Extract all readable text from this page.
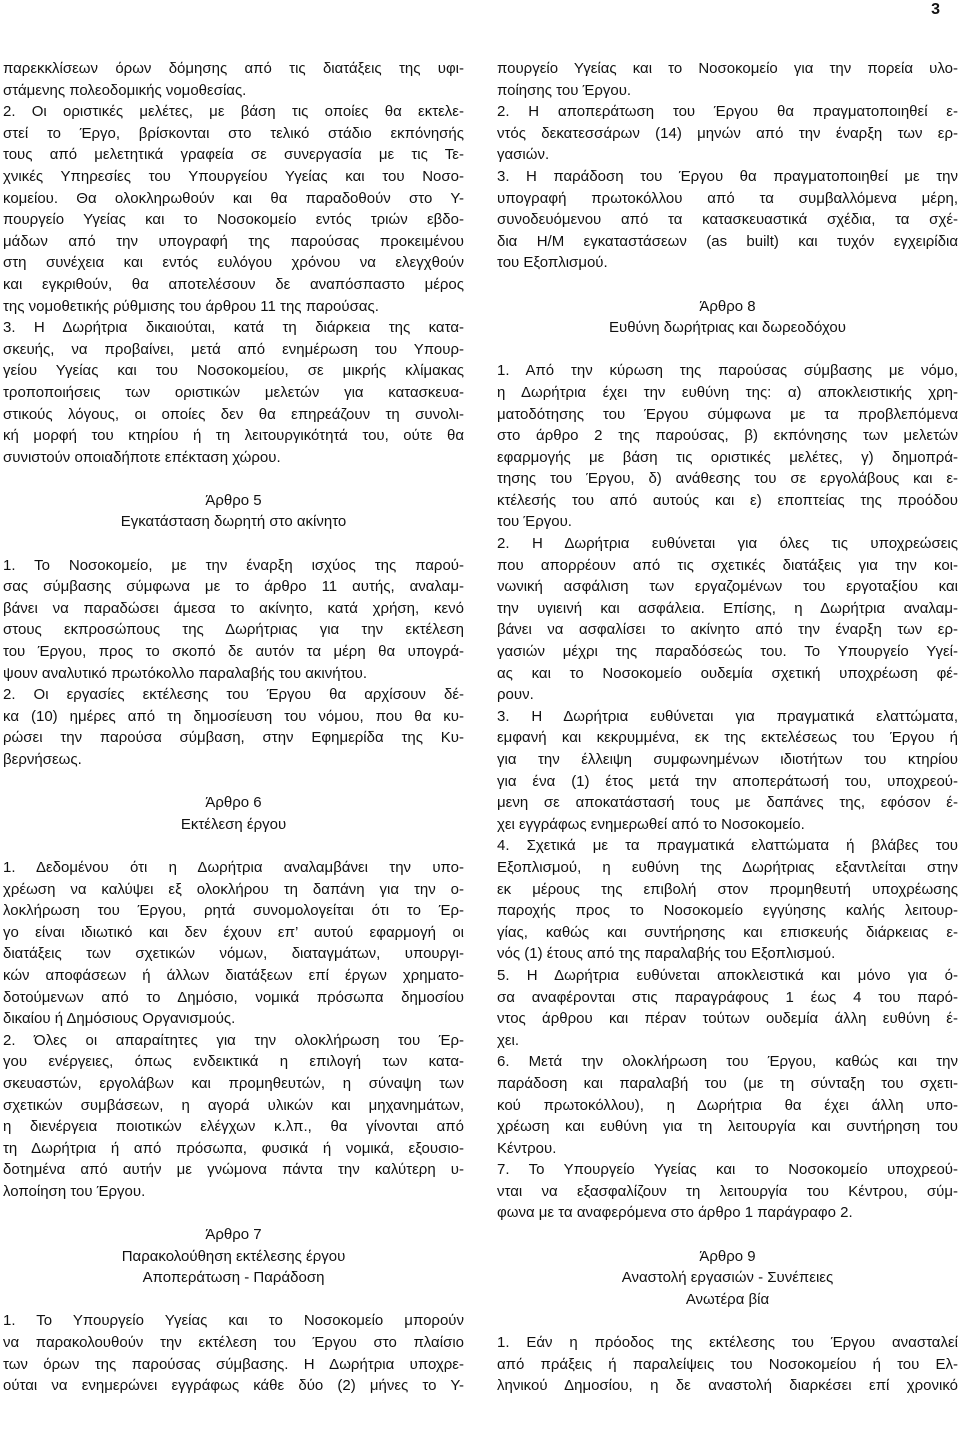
3
παρεκκλίσεων όρων δόμησης από τις διατάξεις της υφι-
στάμενης πολεοδομικής νομοθεσίας.
2. Οι οριστικές μελέτες, με βάση τις οποίες θα εκτελε-
στεί το Έργο, βρίσκονται στο τελικό στάδιο εκπόνησής
τους από μελετητικά γραφεία σε συνεργασία με τις Τε-
χνικές Υπηρεσίες του Υπουργείου Υγείας και του Νοσο-
κομείου. Θα ολοκληρωθούν και θα παραδοθούν στο Υ-
πουργείο Υγείας και το Νοσοκομείο εντός τριών εβδο-
μάδων από την υπογραφή της παρούσας προκειμένου
στη συνέχεια και εντός ευλόγου χρόνου να ελεγχθούν
και εγκριθούν, θα αποτελέσουν δε αναπόσπαστο μέρος
της νομοθετικής ρύθμισης του άρθρου 11 της παρούσας.
3. Η Δωρήτρια δικαιούται, κατά τη διάρκεια της κατα-
σκευής, να προβαίνει, μετά από ενημέρωση του Υπουρ-
γείου Υγείας και του Νοσοκομείου, σε μικρής κλίμακας
τροποποιήσεις των οριστικών μελετών για κατασκευα-
στικούς λόγους, οι οποίες δεν θα επηρεάζουν τη συνολι-
κή μορφή του κτηρίου ή τη λειτουργικότητά του, ούτε θα
συνιστούν οποιαδήποτε επέκταση χώρου.
Άρθρο 5
Εγκατάσταση δωρητή στο ακίνητο
1. Το Νοσοκομείο, με την έναρξη ισχύος της παρού-
σας σύμβασης σύμφωνα με το άρθρο 11 αυτής, αναλαμ-
βάνει να παραδώσει άμεσα το ακίνητο, κατά χρήση, κενό
στους εκπροσώπους της Δωρήτριας για την εκτέλεση
του Έργου, προς το σκοπό δε αυτόν τα μέρη θα υπογρά-
ψουν αναλυτικό πρωτόκολλο παραλαβής του ακινήτου.
2. Οι εργασίες εκτέλεσης του Έργου θα αρχίσουν δέ-
κα (10) ημέρες από τη δημοσίευση του νόμου, που θα κυ-
ρώσει την παρούσα σύμβαση, στην Εφημερίδα της Κυ-
βερνήσεως.
Άρθρο 6
Εκτέλεση έργου
1. Δεδομένου ότι η Δωρήτρια αναλαμβάνει την υπο-
χρέωση να καλύψει εξ ολοκλήρου τη δαπάνη για την ο-
λοκλήρωση του Έργου, ρητά συνομολογείται ότι το Έρ-
γο είναι ιδιωτικό και δεν έχουν επ’ αυτού εφαρμογή οι
διατάξεις των σχετικών νόμων, διαταγμάτων, υπουργι-
κών αποφάσεων ή άλλων διατάξεων επί έργων χρηματο-
δοτούμενων από το Δημόσιο, νομικά πρόσωπα δημοσίου
δικαίου ή Δημόσιους Οργανισμούς.
2. Όλες οι απαραίτητες για την ολοκλήρωση του Έρ-
γου ενέργειες, όπως ενδεικτικά η επιλογή των κατα-
σκευαστών, εργολάβων και προμηθευτών, η σύναψη των
σχετικών συμβάσεων, η αγορά υλικών και μηχανημάτων,
η διενέργεια ποιοτικών ελέγχων κ.λπ., θα γίνονται από
τη Δωρήτρια ή από πρόσωπα, φυσικά ή νομικά, εξουσιο-
δοτημένα από αυτήν με γνώμονα πάντα την καλύτερη υ-
λοποίηση του Έργου.
Άρθρο 7
Παρακολούθηση εκτέλεσης έργου
Αποπεράτωση - Παράδοση
1. Το Υπουργείο Υγείας και το Νοσοκομείο μπορούν
να παρακολουθούν την εκτέλεση του Έργου στο πλαίσιο
των όρων της παρούσας σύμβασης. Η Δωρήτρια υποχρε-
ούται να ενημερώνει εγγράφως κάθε δύο (2) μήνες το Υ-
πουργείο Υγείας και το Νοσοκομείο για την πορεία υλο-
ποίησης του Έργου.
2. Η αποπεράτωση του Έργου θα πραγματοποιηθεί ε-
ντός δεκατεσσάρων (14) μηνών από την έναρξη των ερ-
γασιών.
3. Η παράδοση του Έργου θα πραγματοποιηθεί με την
υπογραφή πρωτοκόλλου από τα συμβαλλόμενα μέρη,
συνοδευόμενου από τα κατασκευαστικά σχέδια, τα σχέ-
δια Η/Μ εγκαταστάσεων (as built) και τυχόν εγχειρίδια
του Εξοπλισμού.
Άρθρο 8
Ευθύνη δωρήτριας και δωρεοδόχου
1. Από την κύρωση της παρούσας σύμβασης με νόμο,
η Δωρήτρια έχει την ευθύνη της: α) αποκλειστικής χρη-
ματοδότησης του Έργου σύμφωνα με τα προβλεπόμενα
στο άρθρο 2 της παρούσας, β) εκπόνησης των μελετών
εφαρμογής με βάση τις οριστικές μελέτες, γ) δημοπρά-
τησης του Έργου, δ) ανάθεσης του σε εργολάβους και ε-
κτέλεσής του από αυτούς και ε) εποπτείας της προόδου
του Έργου.
2. Η Δωρήτρια ευθύνεται για όλες τις υποχρεώσεις
που απορρέουν από τις σχετικές διατάξεις για την κοι-
νωνική ασφάλιση των εργαζομένων του εργοταξίου και
την υγιεινή και ασφάλεια. Επίσης, η Δωρήτρια αναλαμ-
βάνει να ασφαλίσει το ακίνητο από την έναρξη των ερ-
γασιών μέχρι της παραδόσεώς του. Το Υπουργείο Υγεί-
ας και το Νοσοκομείο ουδεμία σχετική υποχρέωση φέ-
ρουν.
3. Η Δωρήτρια ευθύνεται για πραγματικά ελαττώματα,
εμφανή και κεκρυμμένα, εκ της εκτελέσεως του Έργου ή
για την έλλειψη συμφωνημένων ιδιοτήτων του κτηρίου
για ένα (1) έτος μετά την αποπεράτωσή του, υποχρεού-
μενη σε αποκατάστασή τους με δαπάνες της, εφόσον έ-
χει εγγράφως ενημερωθεί από το Νοσοκομείο.
4. Σχετικά με τα πραγματικά ελαττώματα ή βλάβες του
Εξοπλισμού, η ευθύνη της Δωρήτριας εξαντλείται στην
εκ μέρους της επιβολή στον προμηθευτή υποχρέωσης
παροχής προς το Νοσοκομείο εγγύησης καλής λειτουρ-
γίας, καθώς και συντήρησης και επισκευής διάρκειας ε-
νός (1) έτους από της παραλαβής του Εξοπλισμού.
5. Η Δωρήτρια ευθύνεται αποκλειστικά και μόνο για ό-
σα αναφέρονται στις παραγράφους 1 έως 4 του παρό-
ντος άρθρου και πέραν τούτων ουδεμία άλλη ευθύνη έ-
χει.
6. Μετά την ολοκλήρωση του Έργου, καθώς και την
παράδοση και παραλαβή του (με τη σύνταξη του σχετι-
κού πρωτοκόλλου), η Δωρήτρια θα έχει άλλη υπο-
χρέωση και ευθύνη για τη λειτουργία και συντήρηση του
Κέντρου.
7. Το Υπουργείο Υγείας και το Νοσοκομείο υποχρεού-
νται να εξασφαλίζουν τη λειτουργία του Κέντρου, σύμ-
φωνα με τα αναφερόμενα στο άρθρο 1 παράγραφο 2.
Άρθρο 9
Αναστολή εργασιών - Συνέπειες
Ανωτέρα βία
1. Εάν η πρόοδος της εκτέλεσης του Έργου ανασταλεί
από πράξεις ή παραλείψεις του Νοσοκομείου ή του Ελ-
ληνικού Δημοσίου, η δε αναστολή διαρκέσει επί χρονικό
